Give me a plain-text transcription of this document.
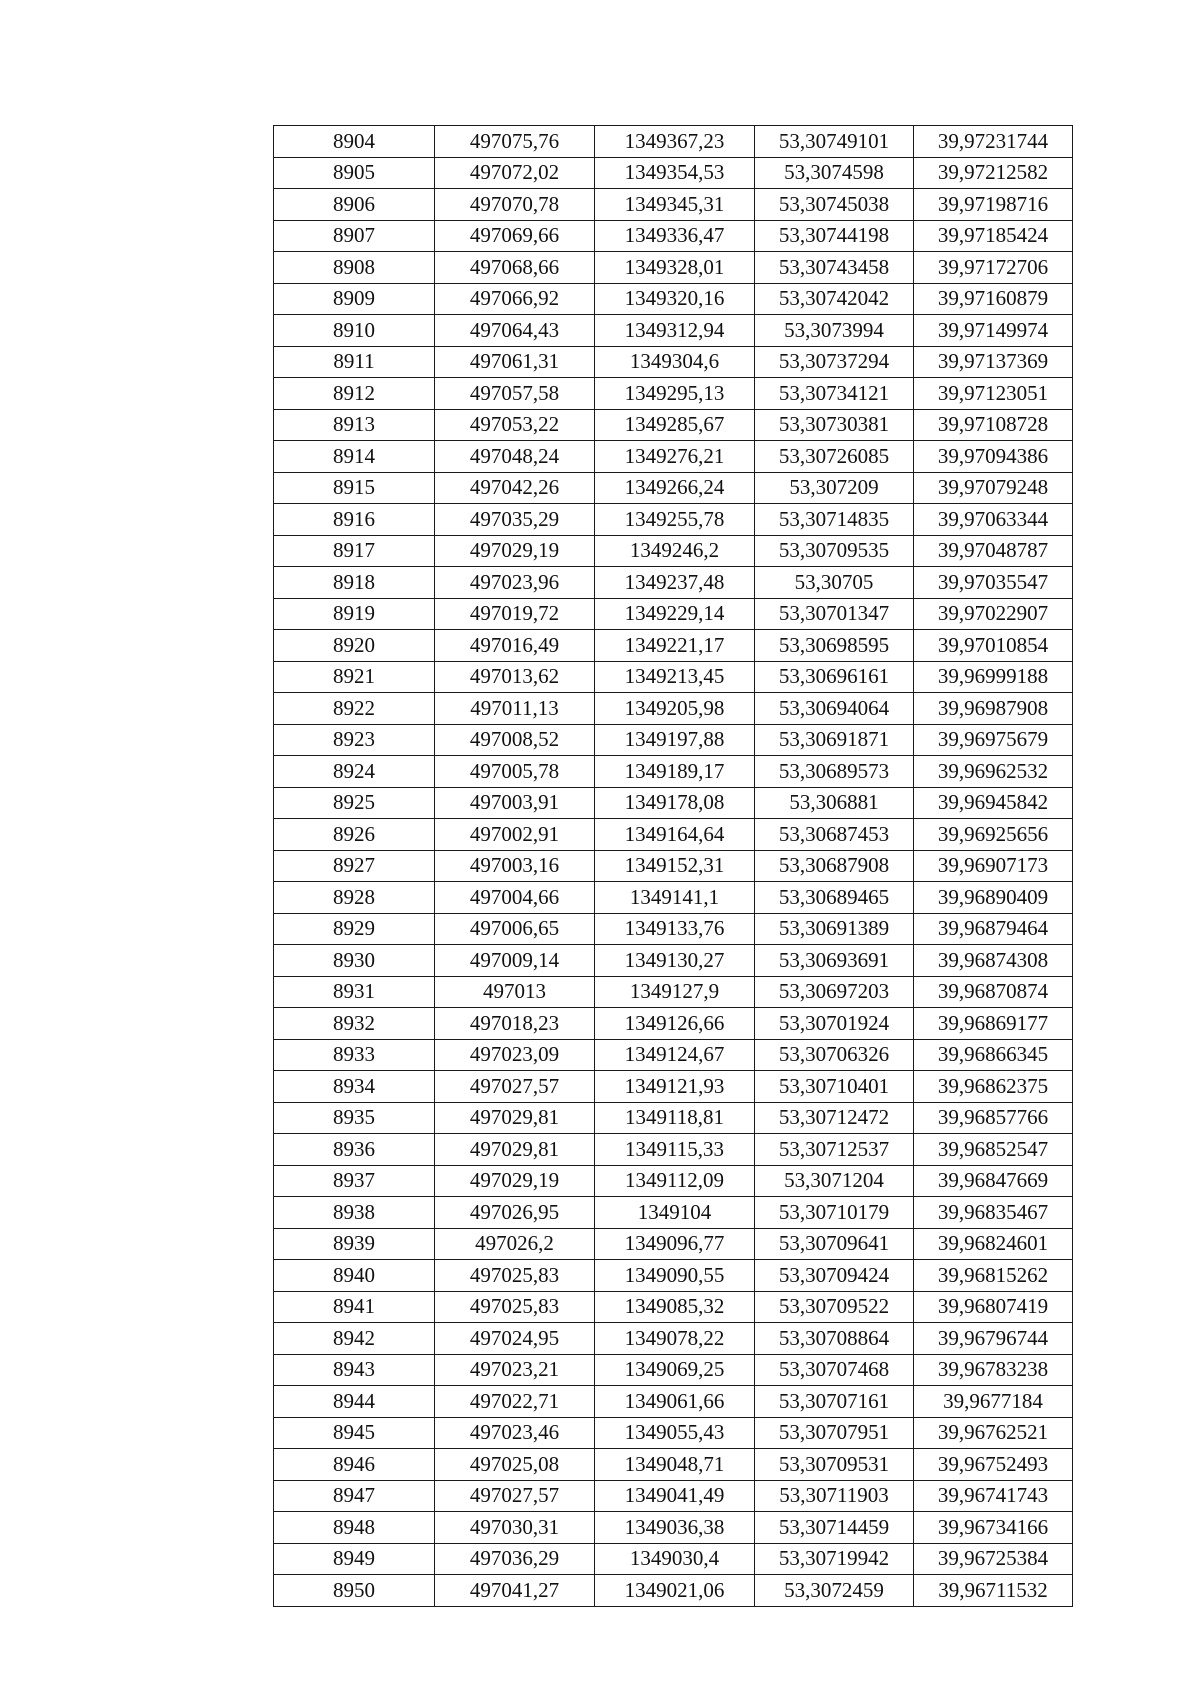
8904	497075,76	1349367,23	53,30749101	39,97231744
8905	497072,02	1349354,53	53,3074598	39,97212582
8906	497070,78	1349345,31	53,30745038	39,97198716
8907	497069,66	1349336,47	53,30744198	39,97185424
8908	497068,66	1349328,01	53,30743458	39,97172706
8909	497066,92	1349320,16	53,30742042	39,97160879
8910	497064,43	1349312,94	53,3073994	39,97149974
8911	497061,31	1349304,6	53,30737294	39,97137369
8912	497057,58	1349295,13	53,30734121	39,97123051
8913	497053,22	1349285,67	53,30730381	39,97108728
8914	497048,24	1349276,21	53,30726085	39,97094386
8915	497042,26	1349266,24	53,307209	39,97079248
8916	497035,29	1349255,78	53,30714835	39,97063344
8917	497029,19	1349246,2	53,30709535	39,97048787
8918	497023,96	1349237,48	53,30705	39,97035547
8919	497019,72	1349229,14	53,30701347	39,97022907
8920	497016,49	1349221,17	53,30698595	39,97010854
8921	497013,62	1349213,45	53,30696161	39,96999188
8922	497011,13	1349205,98	53,30694064	39,96987908
8923	497008,52	1349197,88	53,30691871	39,96975679
8924	497005,78	1349189,17	53,30689573	39,96962532
8925	497003,91	1349178,08	53,306881	39,96945842
8926	497002,91	1349164,64	53,30687453	39,96925656
8927	497003,16	1349152,31	53,30687908	39,96907173
8928	497004,66	1349141,1	53,30689465	39,96890409
8929	497006,65	1349133,76	53,30691389	39,96879464
8930	497009,14	1349130,27	53,30693691	39,96874308
8931	497013	1349127,9	53,30697203	39,96870874
8932	497018,23	1349126,66	53,30701924	39,96869177
8933	497023,09	1349124,67	53,30706326	39,96866345
8934	497027,57	1349121,93	53,30710401	39,96862375
8935	497029,81	1349118,81	53,30712472	39,96857766
8936	497029,81	1349115,33	53,30712537	39,96852547
8937	497029,19	1349112,09	53,3071204	39,96847669
8938	497026,95	1349104	53,30710179	39,96835467
8939	497026,2	1349096,77	53,30709641	39,96824601
8940	497025,83	1349090,55	53,30709424	39,96815262
8941	497025,83	1349085,32	53,30709522	39,96807419
8942	497024,95	1349078,22	53,30708864	39,96796744
8943	497023,21	1349069,25	53,30707468	39,96783238
8944	497022,71	1349061,66	53,30707161	39,9677184
8945	497023,46	1349055,43	53,30707951	39,96762521
8946	497025,08	1349048,71	53,30709531	39,96752493
8947	497027,57	1349041,49	53,30711903	39,96741743
8948	497030,31	1349036,38	53,30714459	39,96734166
8949	497036,29	1349030,4	53,30719942	39,96725384
8950	497041,27	1349021,06	53,3072459	39,96711532
